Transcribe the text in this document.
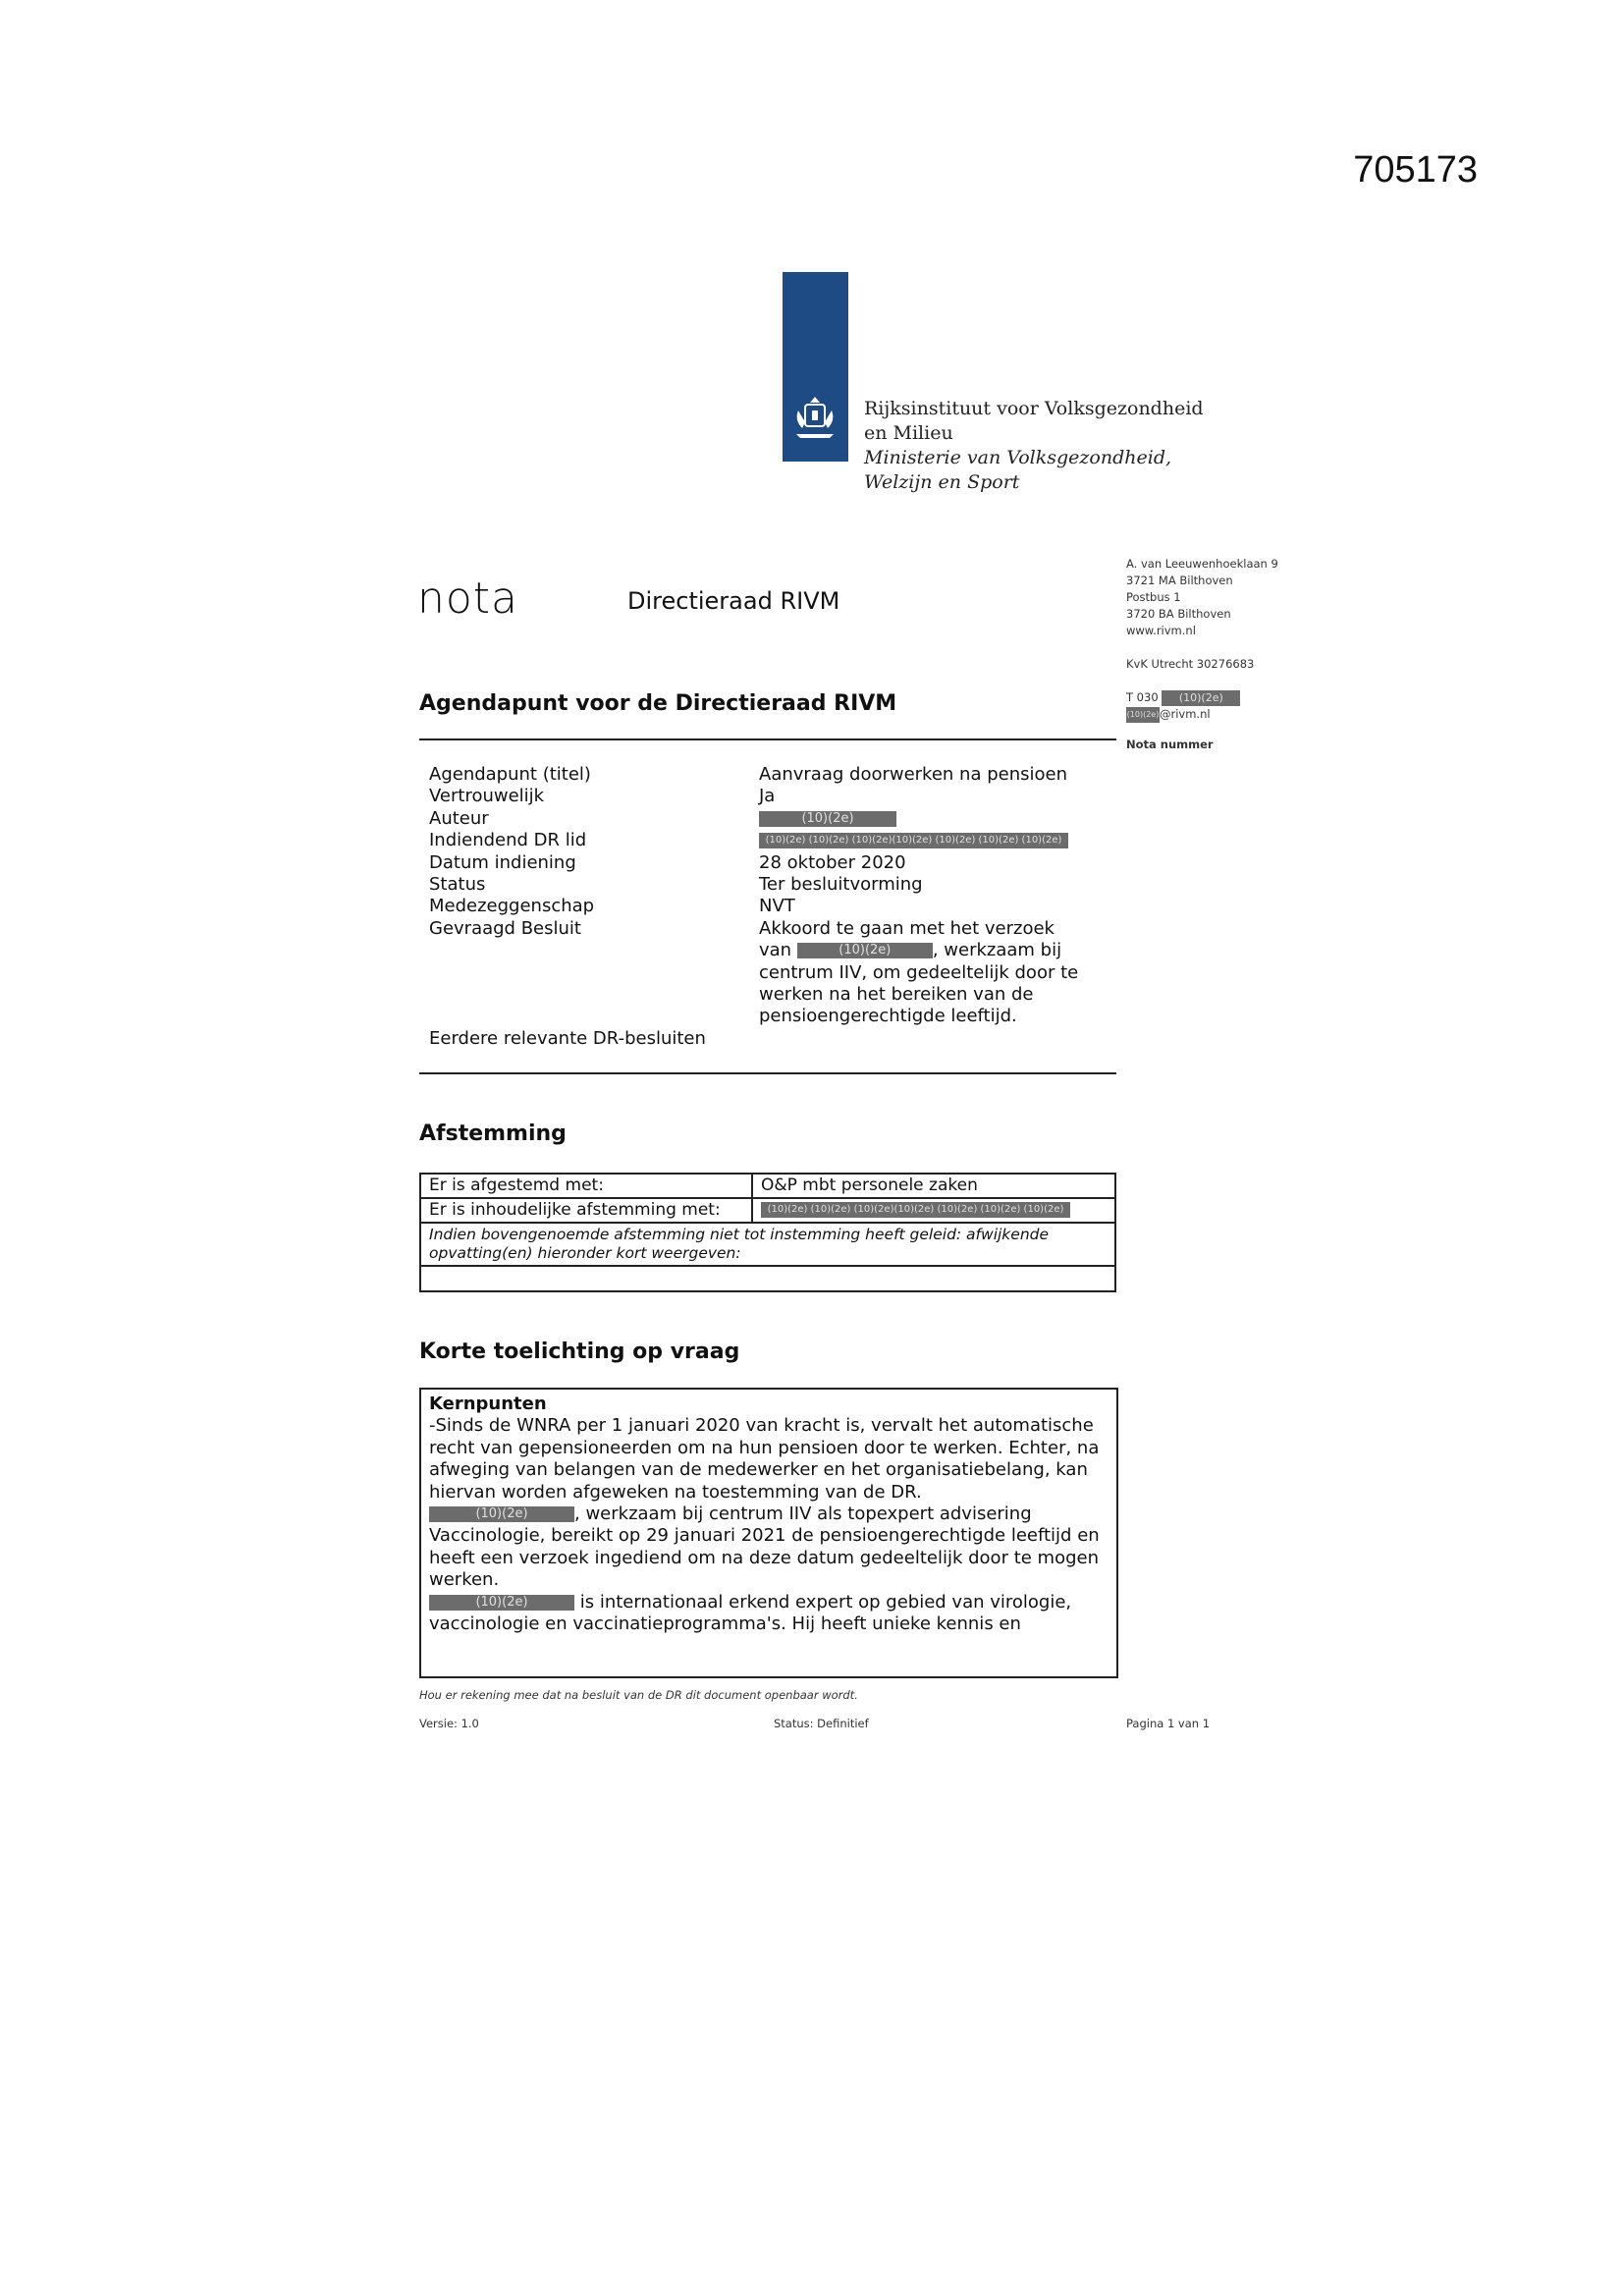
705173
Rijksinstituut voor Volksgezondheid
en Milieu
Ministerie van Volksgezondheid,
Welzijn en Sport
A. van Leeuwenhoeklaan 9
3721 MA Bilthoven
Postbus 1
3720 BA Bilthoven
www.rivm.nl
KvK Utrecht 30276683
T 030 (10)(2e)
(10)(2e)@rivm.nl
Nota nummer
nota	Directieraad RIVM
Agendapunt voor de Directieraad RIVM
Agendapunt (titel)	Aanvraag doorwerken na pensioen
Vertrouwelijk	Ja
Auteur	(10)(2e)
Indiendend DR lid	(10)(2e) (10)(2e) (10)(2e)(10)(2e) (10)(2e) (10)(2e) (10)(2e)
Datum indiening	28 oktober 2020
Status	Ter besluitvorming
Medezeggenschap	NVT
Gevraagd Besluit	Akkoord te gaan met het verzoek
van	(10)(2e) , werkzaam bij
centrum IIV, om gedeeltelijk door te
werken na het bereiken van de
pensioengerechtigde leeftijd.
Eerdere relevante DR-besluiten
Afstemming
Er is afgestemd met:	O&P mbt personele zaken
Er is inhoudelijke afstemming met:	(10)(2e) (10)(2e) (10)(2e)(10)(2e) (10)(2e) (10)(2e) (10)(2e)
Indien bovengenoemde afstemming niet tot instemming heeft geleid: afwijkende opvatting(en) hieronder kort weergeven:	

Korte toelichting op vraag
Kernpunten
-Sinds de WNRA per 1 januari 2020 van kracht is, vervalt het automatische recht van gepensioneerden om na hun pensioen door te werken. Echter, na afweging van belangen van de medewerker en het organisatiebelang, kan hiervan worden afgeweken na toestemming van de DR.
(10)(2e)	, werkzaam bij centrum IIV als topexpert advisering Vaccinologie, bereikt op 29 januari 2021 de pensioengerechtigde leeftijd en heeft een verzoek ingediend om na deze datum gedeeltelijk door te mogen werken.
(10)(2e)	is internationaal erkend expert op gebied van virologie, vaccinologie en vaccinatieprogramma's. Hij heeft unieke kennis en
Hou er rekening mee dat na besluit van de DR dit document openbaar wordt.
Versie: 1.0	Status: Definitief	Pagina 1 van 1
